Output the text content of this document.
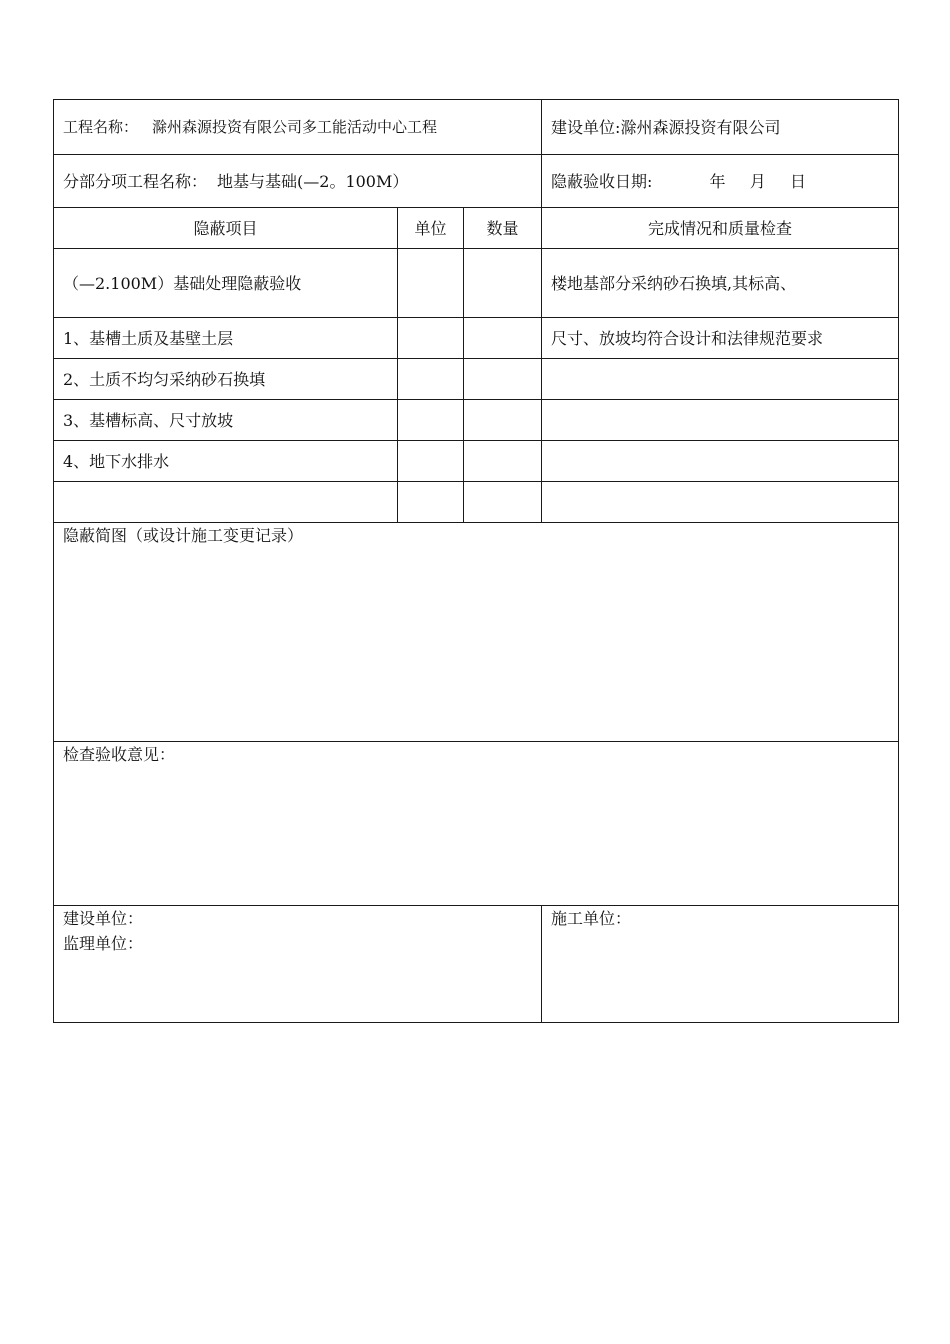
工程名称： 滁州森源投资有限公司多工能活动中心工程			建设单位:滁州森源投资有限公司
分部分项工程名称： 地基与基础(—2。100M）			隐蔽验收日期: 年 月 日
隐蔽项目	单位	数量	完成情况和质量检查
（—2.100M）基础处理隐蔽验收			楼地基部分采纳砂石换填,其标高、
1、基槽土质及基壁土层			尺寸、放坡均符合设计和法律规范要求
2、土质不均匀采纳砂石换填			
3、基槽标高、尺寸放坡			
4、地下水排水			

隐蔽简图（或设计施工变更记录）			
检查验收意见：			

建设单位：
监理单位：			施工单位：
